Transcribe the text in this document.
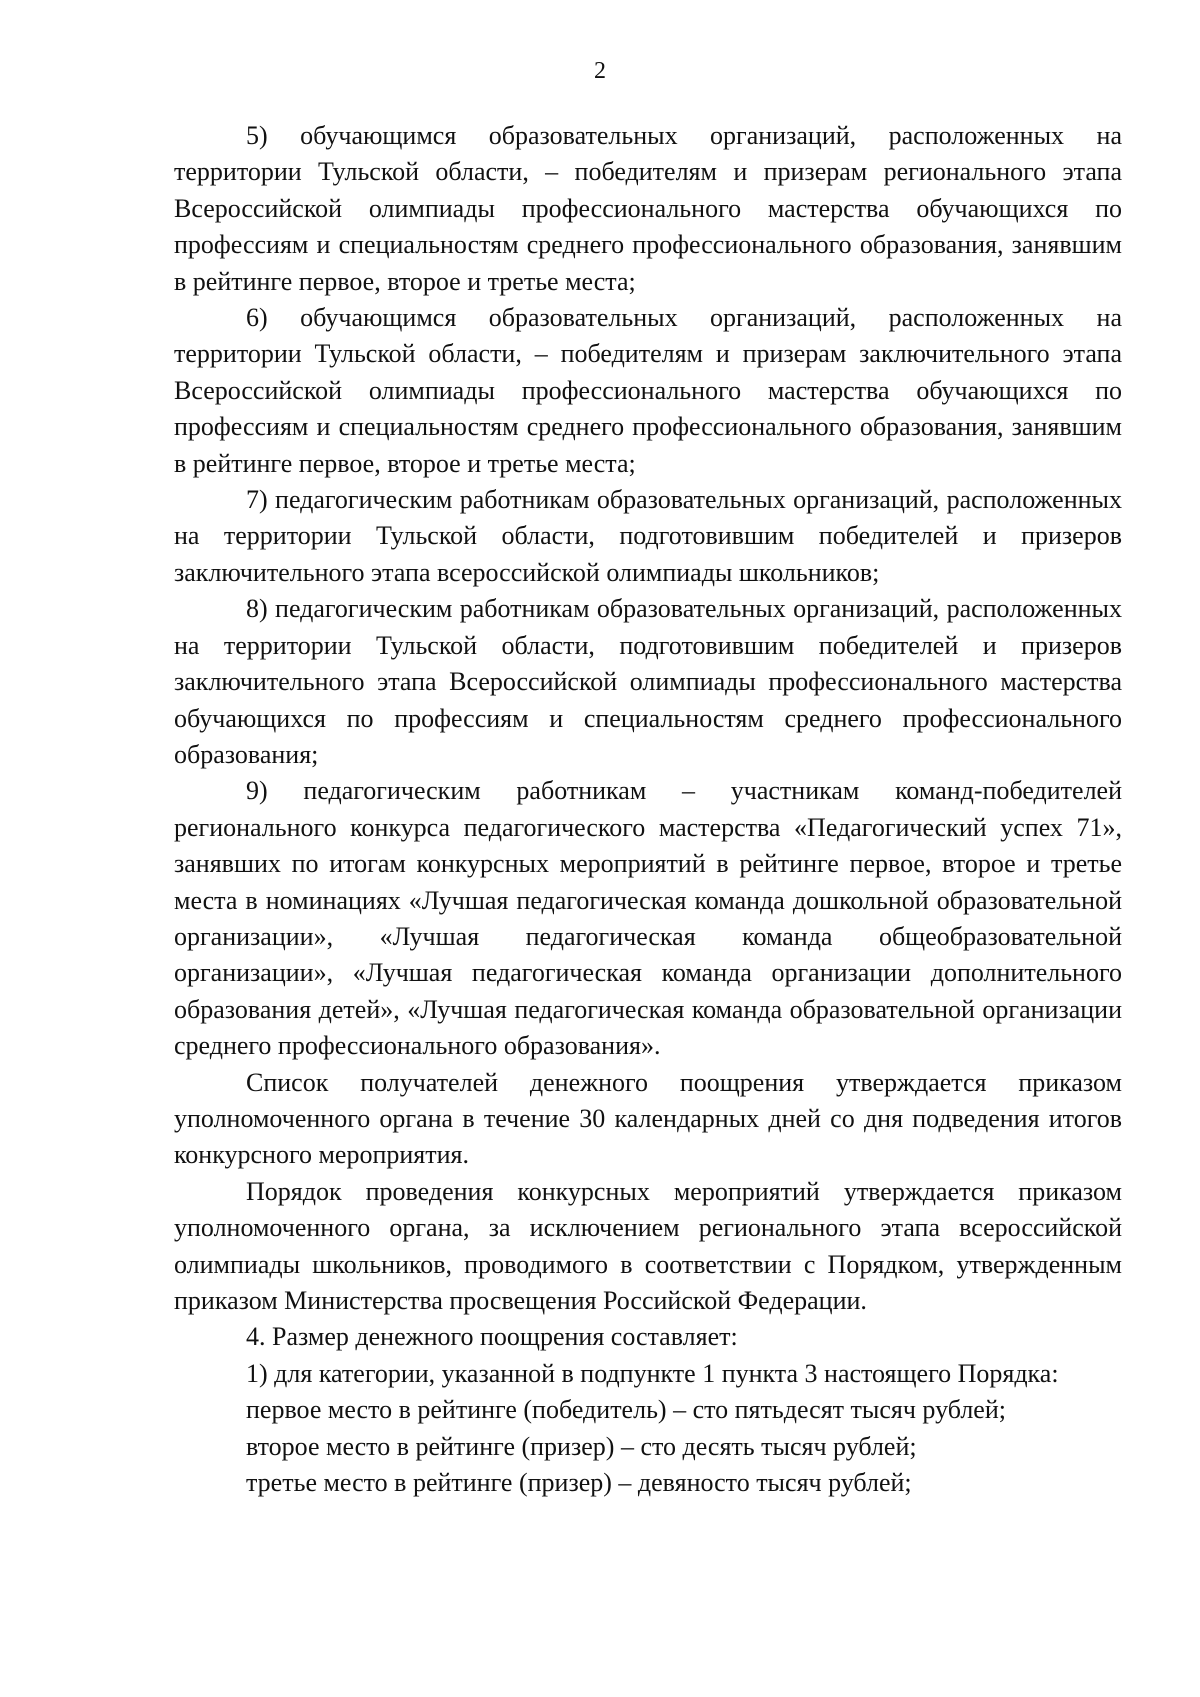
2

5) обучающимся образовательных организаций, расположенных на территории Тульской области, – победителям и призерам регионального этапа Всероссийской олимпиады профессионального мастерства обучающихся по профессиям и специальностям среднего профессионального образования, занявшим в рейтинге первое, второе и третье места;

6) обучающимся образовательных организаций, расположенных на территории Тульской области, – победителям и призерам заключительного этапа Всероссийской олимпиады профессионального мастерства обучающихся по профессиям и специальностям среднего профессионального образования, занявшим в рейтинге первое, второе и третье места;

7) педагогическим работникам образовательных организаций, расположенных на территории Тульской области, подготовившим победителей и призеров заключительного этапа всероссийской олимпиады школьников;

8) педагогическим работникам образовательных организаций, расположенных на территории Тульской области, подготовившим победителей и призеров заключительного этапа Всероссийской олимпиады профессионального мастерства обучающихся по профессиям и специальностям среднего профессионального образования;

9) педагогическим работникам – участникам команд-победителей регионального конкурса педагогического мастерства «Педагогический успех 71», занявших по итогам конкурсных мероприятий в рейтинге первое, второе и третье места в номинациях «Лучшая педагогическая команда дошкольной образовательной организации», «Лучшая педагогическая команда общеобразовательной организации», «Лучшая педагогическая команда организации дополнительного образования детей», «Лучшая педагогическая команда образовательной организации среднего профессионального образования».

Список получателей денежного поощрения утверждается приказом уполномоченного органа в течение 30 календарных дней со дня подведения итогов конкурсного мероприятия.

Порядок проведения конкурсных мероприятий утверждается приказом уполномоченного органа, за исключением регионального этапа всероссийской олимпиады школьников, проводимого в соответствии с Порядком, утвержденным приказом Министерства просвещения Российской Федерации.

4. Размер денежного поощрения составляет:

1) для категории, указанной в подпункте 1 пункта 3 настоящего Порядка:

первое место в рейтинге (победитель) – сто пятьдесят тысяч рублей;

второе место в рейтинге (призер) – сто десять тысяч рублей;

третье место в рейтинге (призер) – девяносто тысяч рублей;
